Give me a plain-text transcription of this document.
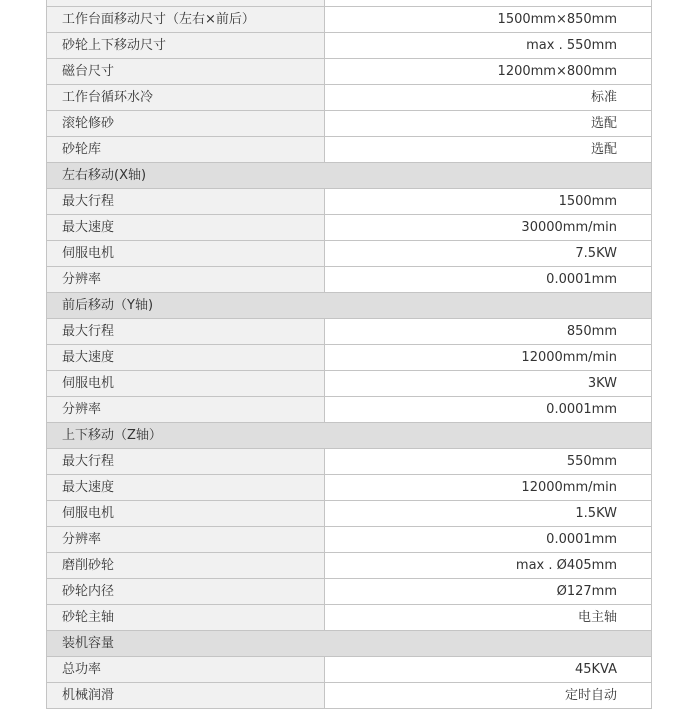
工作台面移动尺寸（左右×前后）	1500mm×850mm
砂轮上下移动尺寸	max . 550mm
磁台尺寸	1200mm×800mm
工作台循环水冷	标准
滚轮修砂	选配
砂轮库	选配
左右移动(X轴)	
最大行程	1500mm
最大速度	30000mm/min
伺服电机	7.5KW
分辨率	0.0001mm
前后移动（Y轴)	
最大行程	850mm
最大速度	12000mm/min
伺服电机	3KW
分辨率	0.0001mm
上下移动（Z轴）	
最大行程	550mm
最大速度	12000mm/min
伺服电机	1.5KW
分辨率	0.0001mm
磨削砂轮	max . Ø405mm
砂轮内径	Ø127mm
砂轮主轴	电主轴
装机容量	
总功率	45KVA
机械润滑	定时自动
